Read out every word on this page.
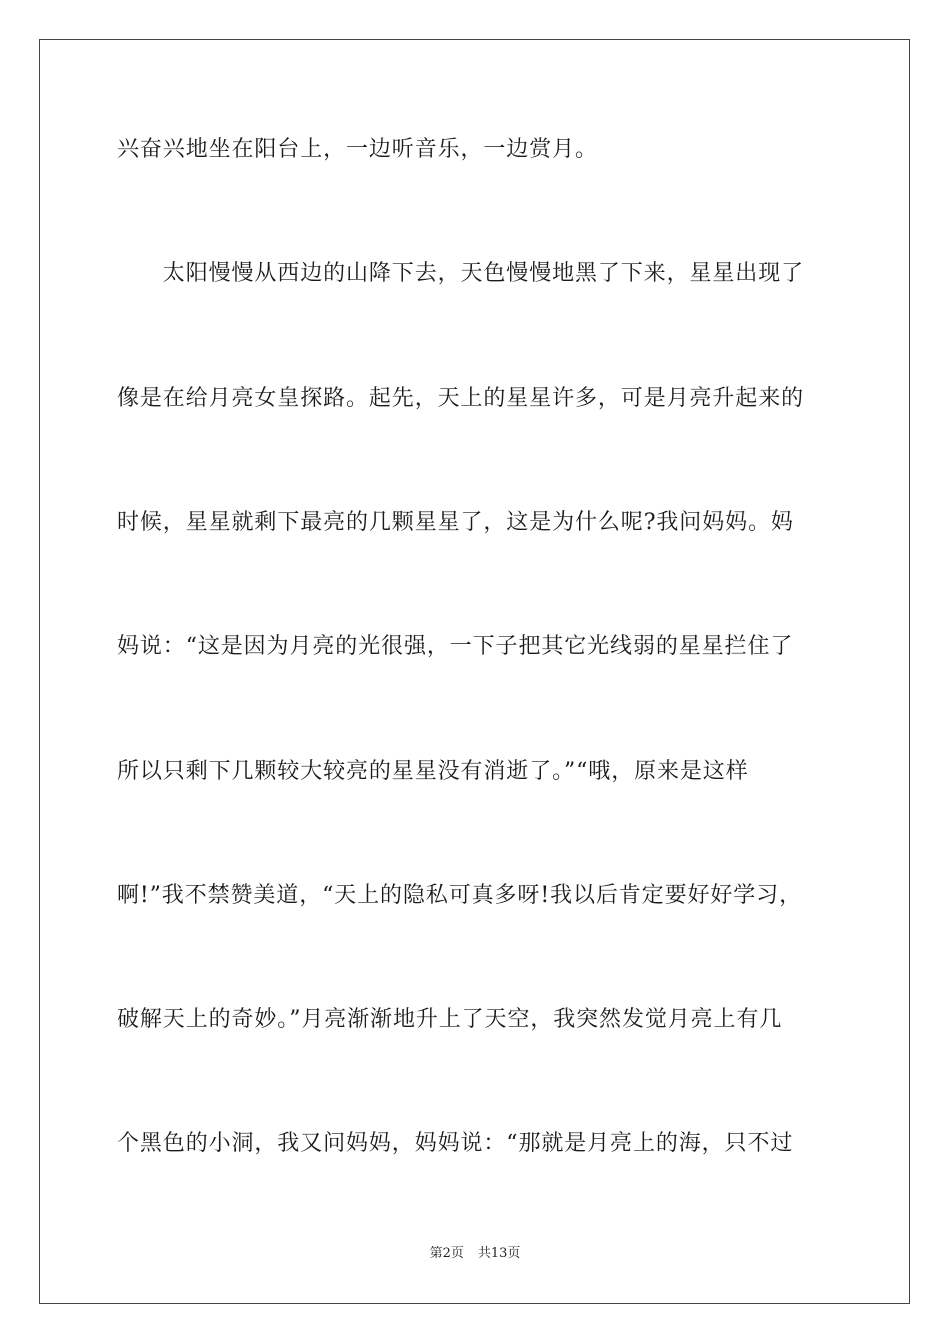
兴奋兴地坐在阳台上，一边听音乐，一边赏月。
　　太阳慢慢从西边的山降下去，天色慢慢地黑了下来，星星出现了
像是在给月亮女皇探路。起先，天上的星星许多，可是月亮升起来的
时候，星星就剩下最亮的几颗星星了，这是为什么呢?我问妈妈。妈
妈说：“这是因为月亮的光很强，一下子把其它光线弱的星星拦住了
所以只剩下几颗较大较亮的星星没有消逝了。”“哦，原来是这样
啊!”我不禁赞美道，“天上的隐私可真多呀!我以后肯定要好好学习，
破解天上的奇妙。”月亮渐渐地升上了天空，我突然发觉月亮上有几
个黑色的小洞，我又问妈妈，妈妈说：“那就是月亮上的海，只不过
第2页 共13页
